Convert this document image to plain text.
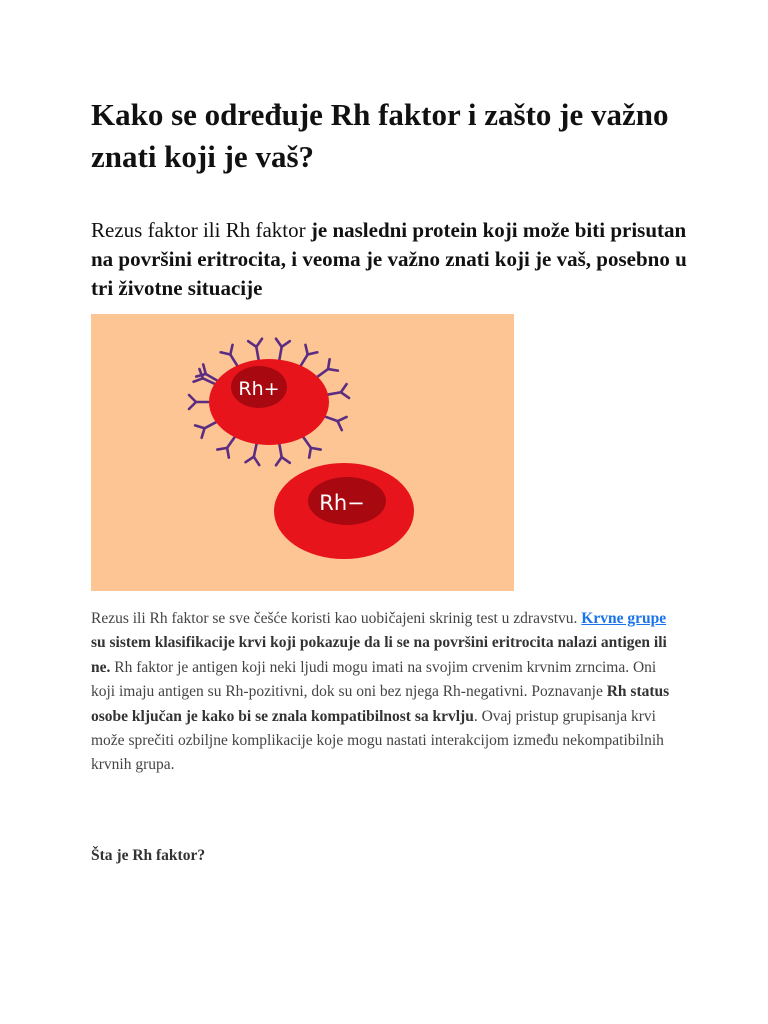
Kako se određuje Rh faktor i zašto je važno znati koji je vaš?

Rezus faktor ili Rh faktor je nasledni protein koji može biti prisutan na površini eritrocita, i veoma je važno znati koji je vaš, posebno u tri životne situacije

Rh+
Rh−

Rezus ili Rh faktor se sve češće koristi kao uobičajeni skrinig test u zdravstvu. Krvne grupe su sistem klasifikacije krvi koji pokazuje da li se na površini eritrocita nalazi antigen ili ne. Rh faktor je antigen koji neki ljudi mogu imati na svojim crvenim krvnim zrncima. Oni koji imaju antigen su Rh-pozitivni, dok su oni bez njega Rh-negativni. Poznavanje Rh status osobe ključan je kako bi se znala kompatibilnost sa krvlju. Ovaj pristup grupisanja krvi može sprečiti ozbiljne komplikacije koje mogu nastati interakcijom između nekompatibilnih krvnih grupa.

Šta je Rh faktor?
